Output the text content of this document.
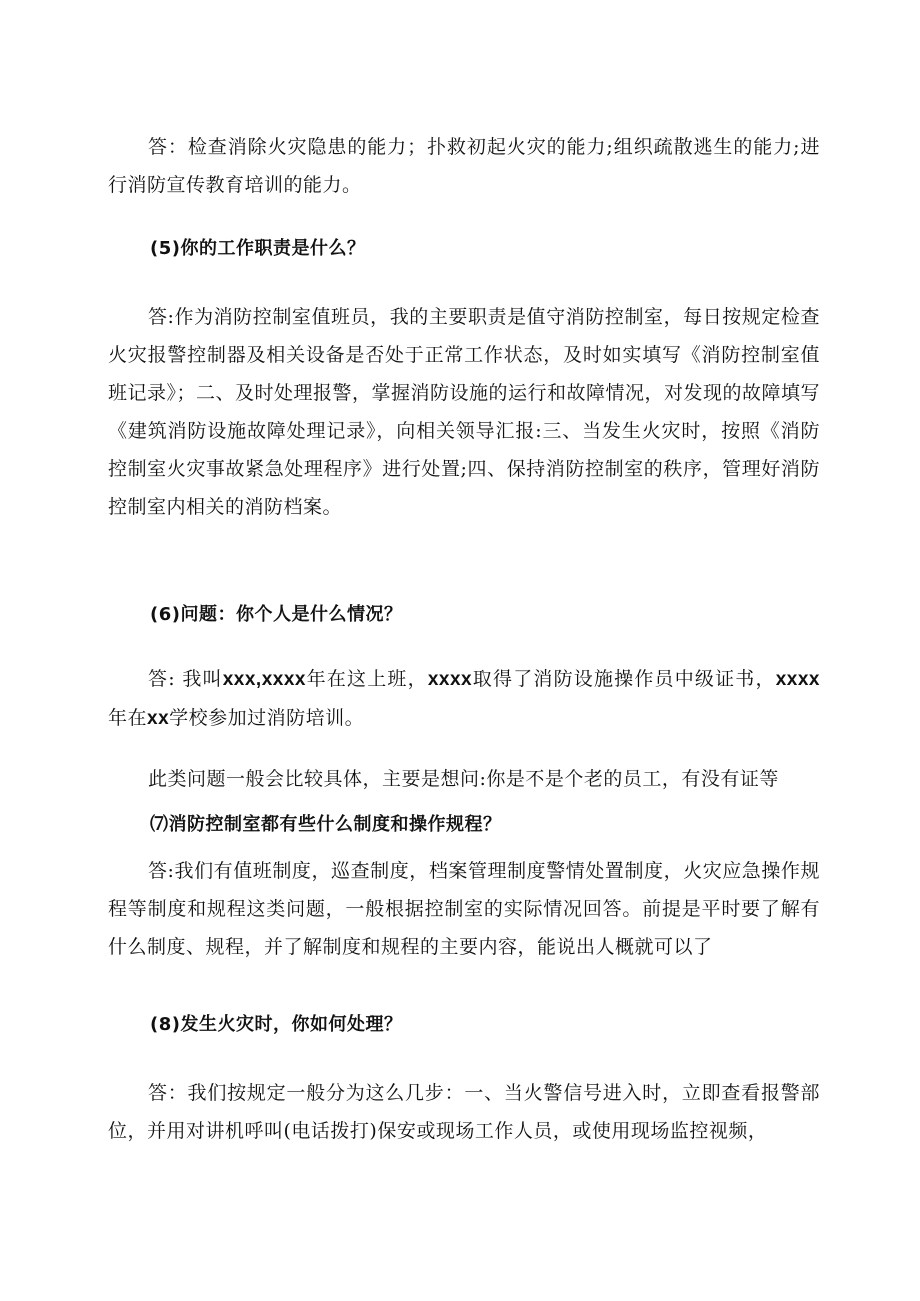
答：检查消除火灾隐患的能力；扑救初起火灾的能力;组织疏散逃生的能力;进行消防宣传教育培训的能力。

(5)你的工作职责是什么？

答:作为消防控制室值班员，我的主要职责是值守消防控制室，每日按规定检查火灾报警控制器及相关设备是否处于正常工作状态，及时如实填写《消防控制室值班记录》；二、及时处理报警，掌握消防设施的运行和故障情况，对发现的故障填写《建筑消防设施故障处理记录》，向相关领导汇报:三、当发生火灾时，按照《消防控制室火灾事故紧急处理程序》进行处置;四、保持消防控制室的秩序，管理好消防控制室内相关的消防档案。

(6)问题：你个人是什么情况？

答: 我叫xxx,xxxx年在这上班，xxxx取得了消防设施操作员中级证书，xxxx年在xx学校参加过消防培训。

此类问题一般会比较具体，主要是想问:你是不是个老的员工，有没有证等

⑺消防控制室都有些什么制度和操作规程？

答:我们有值班制度，巡查制度，档案管理制度警情处置制度，火灾应急操作规程等制度和规程这类问题，一般根据控制室的实际情况回答。前提是平时要了解有什么制度、规程，并了解制度和规程的主要内容，能说出人概就可以了

(8)发生火灾时，你如何处理？

答：我们按规定一般分为这么几步：一、当火警信号进入时，立即查看报警部位，并用对讲机呼叫(电话拨打)保安或现场工作人员，或使用现场监控视频，
